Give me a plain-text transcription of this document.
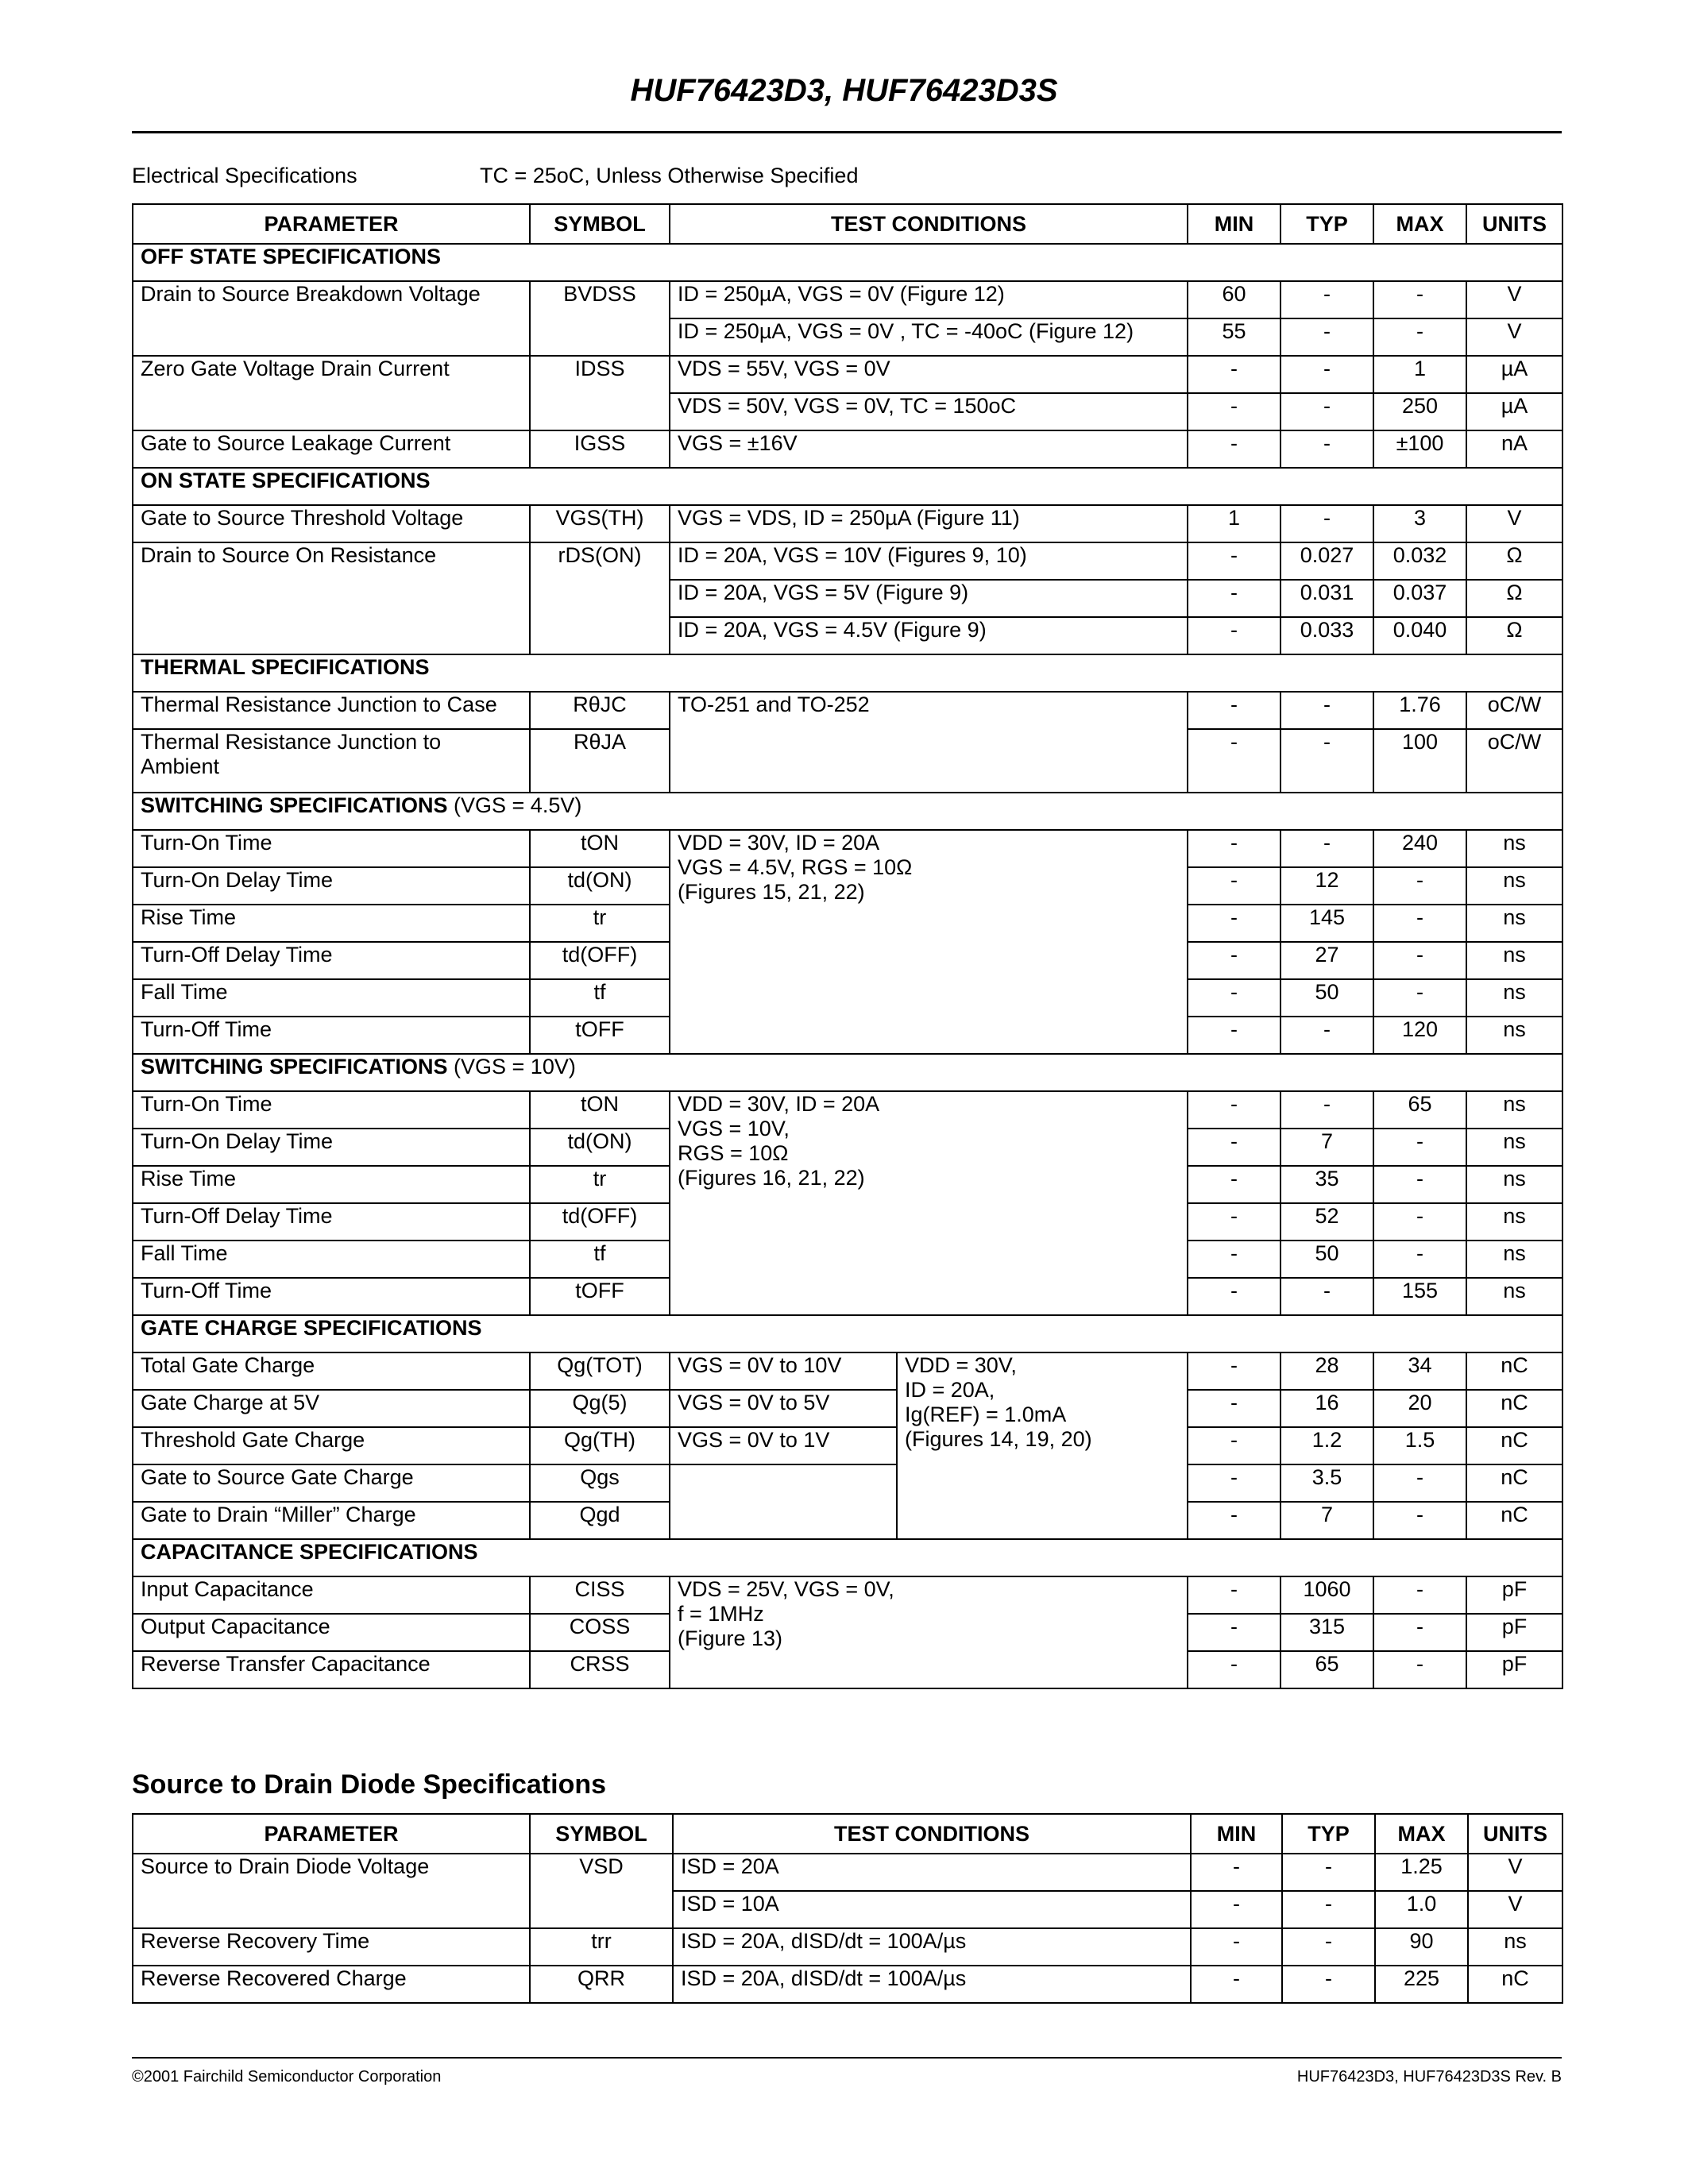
HUF76423D3, HUF76423D3S
Electrical Specifications	TC = 25oC, Unless Otherwise Specified
PARAMETER	SYMBOL	TEST CONDITIONS		MIN	TYP	MAX	UNITS
OFF STATE SPECIFICATIONS							
Drain to Source Breakdown Voltage	BVDSS	ID = 250µA, VGS = 0V (Figure 12)		60	-	-	V
		ID = 250µA, VGS = 0V , TC = -40oC (Figure 12)		55	-	-	V
Zero Gate Voltage Drain Current	IDSS	VDS = 55V, VGS = 0V		-	-	1	µA
		VDS = 50V, VGS = 0V, TC = 150oC		-	-	250	µA
Gate to Source Leakage Current	IGSS	VGS = ±16V		-	-	±100	nA
ON STATE SPECIFICATIONS							
Gate to Source Threshold Voltage	VGS(TH)	VGS = VDS, ID = 250µA (Figure 11)		1	-	3	V
Drain to Source On Resistance	rDS(ON)	ID = 20A, VGS = 10V (Figures 9, 10)		-	0.027	0.032	Ω
		ID = 20A, VGS = 5V (Figure 9)		-	0.031	0.037	Ω
		ID = 20A, VGS = 4.5V (Figure 9)		-	0.033	0.040	Ω
THERMAL SPECIFICATIONS							
Thermal Resistance Junction to Case	RθJC	TO-251 and TO-252		-	-	1.76	oC/W
Thermal Resistance Junction to Ambient	RθJA			-	-	100	oC/W
SWITCHING SPECIFICATIONS (VGS = 4.5V)							
Turn-On Time	tON	VDD = 30V, ID = 20A
VGS = 4.5V, RGS = 10Ω
(Figures 15, 21, 22)		-	-	240	ns
Turn-On Delay Time	td(ON)			-	12	-	ns
Rise Time	tr			-	145	-	ns
Turn-Off Delay Time	td(OFF)			-	27	-	ns
Fall Time	tf			-	50	-	ns
Turn-Off Time	tOFF			-	-	120	ns
SWITCHING SPECIFICATIONS (VGS = 10V)							
Turn-On Time	tON	VDD = 30V, ID = 20A
VGS = 10V,
RGS = 10Ω
(Figures 16, 21, 22)		-	-	65	ns
Turn-On Delay Time	td(ON)			-	7	-	ns
Rise Time	tr			-	35	-	ns
Turn-Off Delay Time	td(OFF)			-	52	-	ns
Fall Time	tf			-	50	-	ns
Turn-Off Time	tOFF			-	-	155	ns
GATE CHARGE SPECIFICATIONS							
Total Gate Charge	Qg(TOT)	VGS = 0V to 10V	VDD = 30V,
ID = 20A,
Ig(REF) = 1.0mA
(Figures 14, 19, 20)	-	28	34	nC
Gate Charge at 5V	Qg(5)	VGS = 0V to 5V		-	16	20	nC
Threshold Gate Charge	Qg(TH)	VGS = 0V to 1V		-	1.2	1.5	nC
Gate to Source Gate Charge	Qgs			-	3.5	-	nC
Gate to Drain “Miller” Charge	Qgd			-	7	-	nC
CAPACITANCE SPECIFICATIONS							
Input Capacitance	CISS	VDS = 25V, VGS = 0V,
f = 1MHz
(Figure 13)		-	1060	-	pF
Output Capacitance	COSS			-	315	-	pF
Reverse Transfer Capacitance	CRSS			-	65	-	pF
Source to Drain Diode Specifications
PARAMETER	SYMBOL	TEST CONDITIONS	MIN	TYP	MAX	UNITS
Source to Drain Diode Voltage	VSD	ISD = 20A	-	-	1.25	V
		ISD = 10A	-	-	1.0	V
Reverse Recovery Time	trr	ISD = 20A, dISD/dt = 100A/µs	-	-	90	ns
Reverse Recovered Charge	QRR	ISD = 20A, dISD/dt = 100A/µs	-	-	225	nC
©2001 Fairchild Semiconductor Corporation	HUF76423D3, HUF76423D3S Rev. B
